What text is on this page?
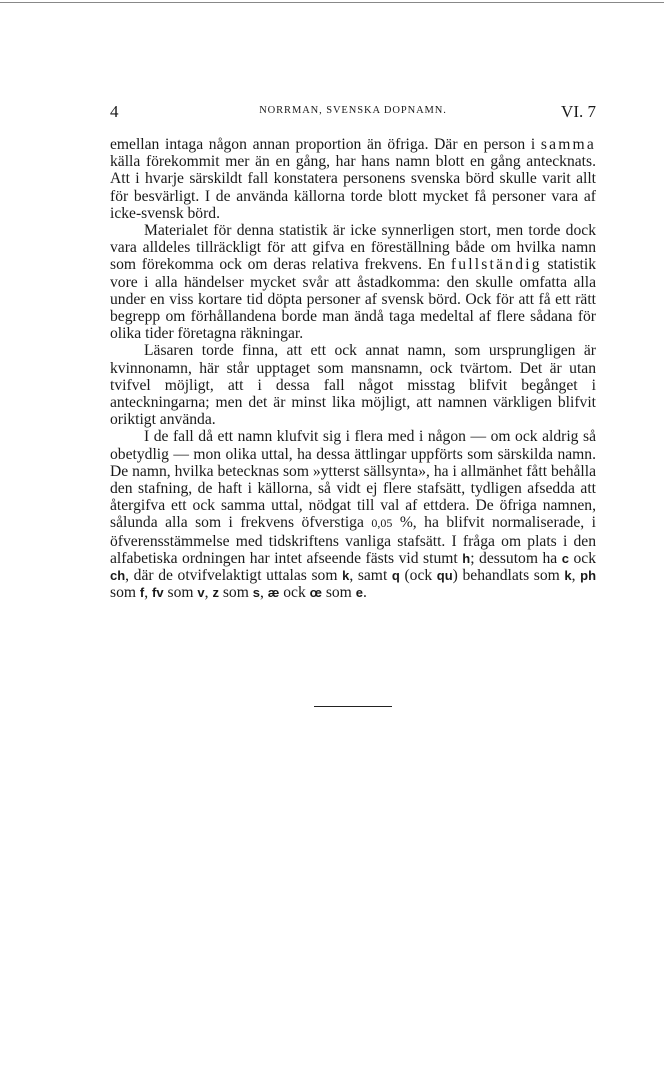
4	NORRMAN, SVENSKA DOPNAMN.	VI. 7

emellan intaga någon annan proportion än öfriga. Där en person i samma källa förekommit mer än en gång, har hans namn blott en gång antecknats. Att i hvarje särskildt fall konstatera personens svenska börd skulle varit allt för besvärligt. I de använda källorna torde blott mycket få personer vara af icke-svensk börd.

Materialet för denna statistik är icke synnerligen stort, men torde dock vara alldeles tillräckligt för att gifva en föreställning både om hvilka namn som förekomma ock om deras relativa frekvens. En fullständig statistik vore i alla händelser mycket svår att åstadkomma: den skulle omfatta alla under en viss kortare tid döpta personer af svensk börd. Ock för att få ett rätt begrepp om förhållandena borde man ändå taga medeltal af flere sådana för olika tider företagna räkningar.

Läsaren torde finna, att ett ock annat namn, som ursprungligen är kvinnonamn, här står upptaget som mansnamn, ock tvärtom. Det är utan tvifvel möjligt, att i dessa fall något misstag blifvit begånget i anteckningarna; men det är minst lika möjligt, att namnen värkligen blifvit oriktigt använda.

I de fall då ett namn klufvit sig i flera med i någon — om ock aldrig så obetydlig — mon olika uttal, ha dessa ättlingar uppförts som särskilda namn. De namn, hvilka betecknas som »ytterst sällsynta», ha i allmänhet fått behålla den stafning, de haft i källorna, så vidt ej flere stafsätt, tydligen afsedda att återgifva ett ock samma uttal, nödgat till val af ettdera. De öfriga namnen, sålunda alla som i frekvens öfverstiga 0,05 %, ha blifvit normaliserade, i öfverensstämmelse med tidskriftens vanliga stafsätt. I fråga om plats i den alfabetiska ordningen har intet afseende fästs vid stumt h; dessutom ha c ock ch, där de otvifvelaktigt uttalas som k, samt q (ock qu) behandlats som k, ph som f, fv som v, z som s, æ ock œ som e.
